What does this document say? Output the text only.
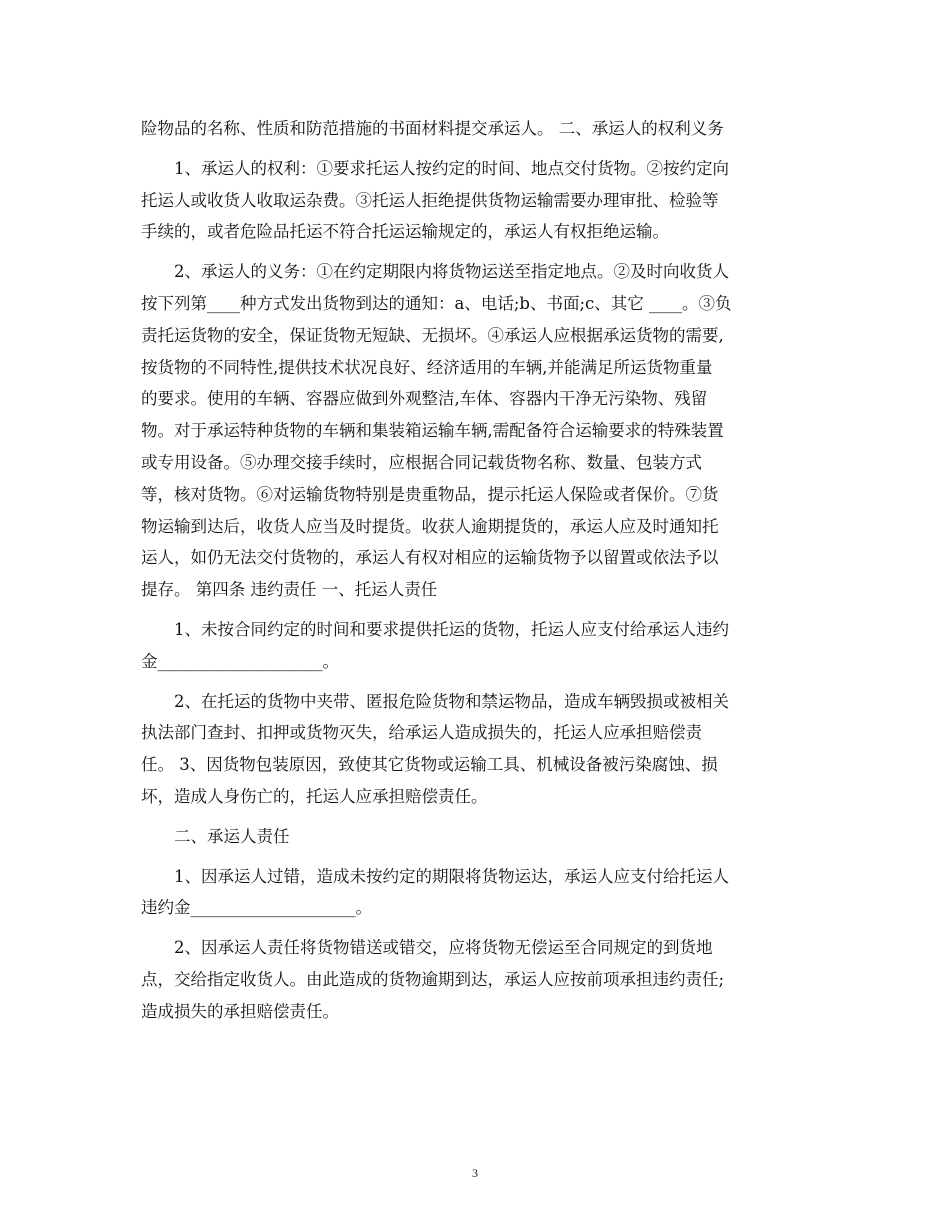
险物品的名称、性质和防范措施的书面材料提交承运人。 二、承运人的权利义务
1、承运人的权利：①要求托运人按约定的时间、地点交付货物。②按约定向
托运人或收货人收取运杂费。③托运人拒绝提供货物运输需要办理审批、检验等
手续的，或者危险品托运不符合托运运输规定的，承运人有权拒绝运输。
2、承运人的义务：①在约定期限内将货物运送至指定地点。②及时向收货人
按下列第____种方式发出货物到达的通知：a、电话;b、书面;c、其它 ____。③负
责托运货物的安全，保证货物无短缺、无损坏。④承运人应根据承运货物的需要,
按货物的不同特性,提供技术状况良好、经济适用的车辆,并能满足所运货物重量
的要求。使用的车辆、容器应做到外观整洁,车体、容器内干净无污染物、残留
物。对于承运特种货物的车辆和集装箱运输车辆,需配备符合运输要求的特殊装置
或专用设备。⑤办理交接手续时，应根据合同记载货物名称、数量、包装方式
等，核对货物。⑥对运输货物特别是贵重物品，提示托运人保险或者保价。⑦货
物运输到达后，收货人应当及时提货。收获人逾期提货的，承运人应及时通知托
运人，如仍无法交付货物的，承运人有权对相应的运输货物予以留置或依法予以
提存。 第四条 违约责任 一、托运人责任
1、未按合同约定的时间和要求提供托运的货物，托运人应支付给承运人违约
金____________________。
2、在托运的货物中夹带、匿报危险货物和禁运物品，造成车辆毁损或被相关
执法部门查封、扣押或货物灭失，给承运人造成损失的，托运人应承担赔偿责
任。 3、因货物包装原因，致使其它货物或运输工具、机械设备被污染腐蚀、损
坏，造成人身伤亡的，托运人应承担赔偿责任。
二、承运人责任
1、因承运人过错，造成未按约定的期限将货物运达，承运人应支付给托运人
违约金____________________。
2、因承运人责任将货物错送或错交，应将货物无偿运至合同规定的到货地
点，交给指定收货人。由此造成的货物逾期到达，承运人应按前项承担违约责任;
造成损失的承担赔偿责任。
3
